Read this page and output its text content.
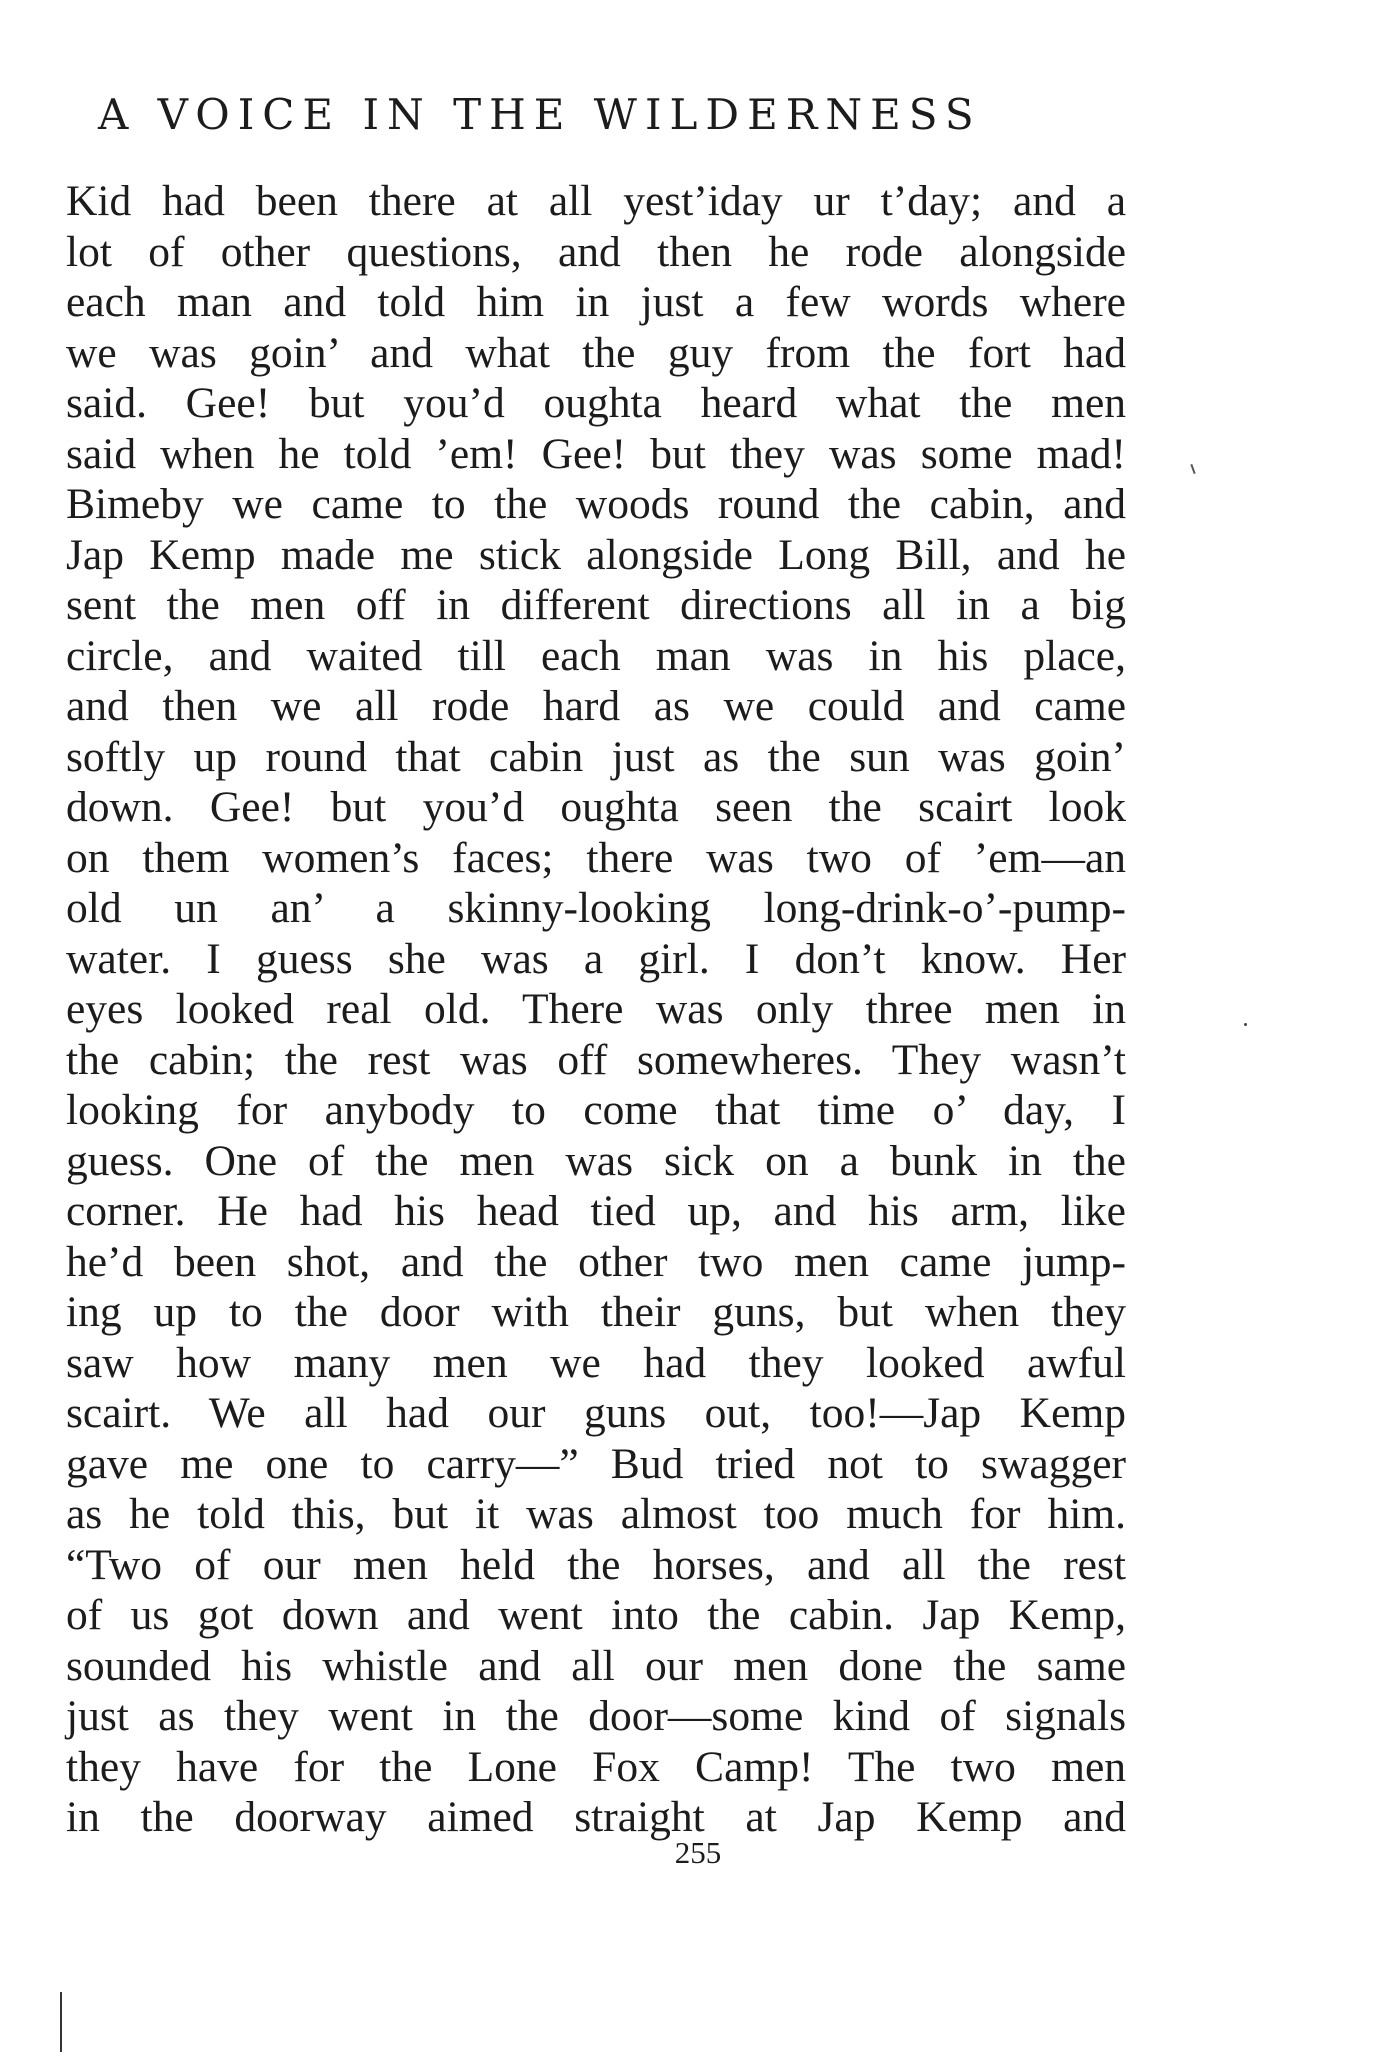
A VOICE IN THE WILDERNESS
Kid had been there at all yest’iday ur t’day; and a
lot of other questions, and then he rode alongside
each man and told him in just a few words where
we was goin’ and what the guy from the fort had
said. Gee! but you’d oughta heard what the men
said when he told ’em! Gee! but they was some mad!
Bimeby we came to the woods round the cabin, and
Jap Kemp made me stick alongside Long Bill, and he
sent the men off in different directions all in a big
circle, and waited till each man was in his place,
and then we all rode hard as we could and came
softly up round that cabin just as the sun was goin’
down. Gee! but you’d oughta seen the scairt look
on them women’s faces; there was two of ’em—an
old un an’ a skinny-looking long-drink-o’-pump-
water. I guess she was a girl. I don’t know. Her
eyes looked real old. There was only three men in
the cabin; the rest was off somewheres. They wasn’t
looking for anybody to come that time o’ day, I
guess. One of the men was sick on a bunk in the
corner. He had his head tied up, and his arm, like
he’d been shot, and the other two men came jump-
ing up to the door with their guns, but when they
saw how many men we had they looked awful
scairt. We all had our guns out, too!—Jap Kemp
gave me one to carry—” Bud tried not to swagger
as he told this, but it was almost too much for him.
“Two of our men held the horses, and all the rest
of us got down and went into the cabin. Jap Kemp,
sounded his whistle and all our men done the same
just as they went in the door—some kind of signals
they have for the Lone Fox Camp! The two men
in the doorway aimed straight at Jap Kemp and
255
